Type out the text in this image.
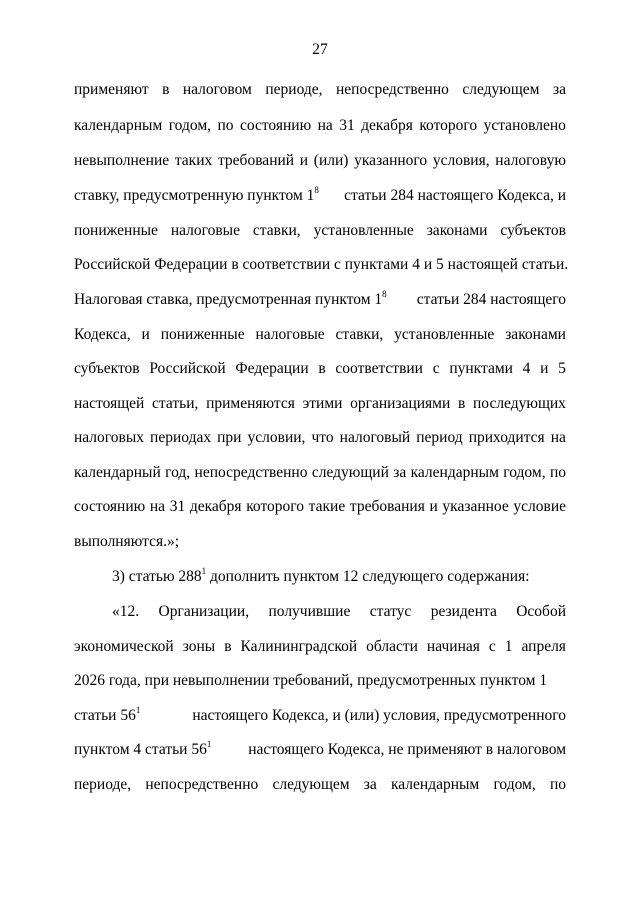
27
применяют в налоговом периоде, непосредственно следующем за
календарным годом, по состоянию на 31 декабря которого установлено
невыполнение таких требований и (или) указанного условия, налоговую
ставку, предусмотренную пунктом $1^8$ статьи 284 настоящего Кодекса, и
пониженные налоговые ставки, установленные законами субъектов
Российской Федерации в соответствии с пунктами 4 и 5 настоящей статьи.
Налоговая ставка, предусмотренная пунктом $1^8$ статьи 284 настоящего
Кодекса, и пониженные налоговые ставки, установленные законами
субъектов Российской Федерации в соответствии с пунктами 4 и 5
настоящей статьи, применяются этими организациями в последующих
налоговых периодах при условии, что налоговый период приходится на
календарный год, непосредственно следующий за календарным годом, по
состоянию на 31 декабря которого такие требования и указанное условие
выполняются.»;
3) статью $288^1$ дополнить пунктом 12 следующего содержания:
«12. Организации, получившие статус резидента Особой
экономической зоны в Калининградской области начиная с 1 апреля
2026 года, при невыполнении требований, предусмотренных пунктом 1
статьи $56^1$	настоящего Кодекса, и (или) условия, предусмотренного
пунктом 4 статьи $56^1$ настоящего Кодекса, не применяют в налоговом
периоде, непосредственно следующем за календарным годом, по
